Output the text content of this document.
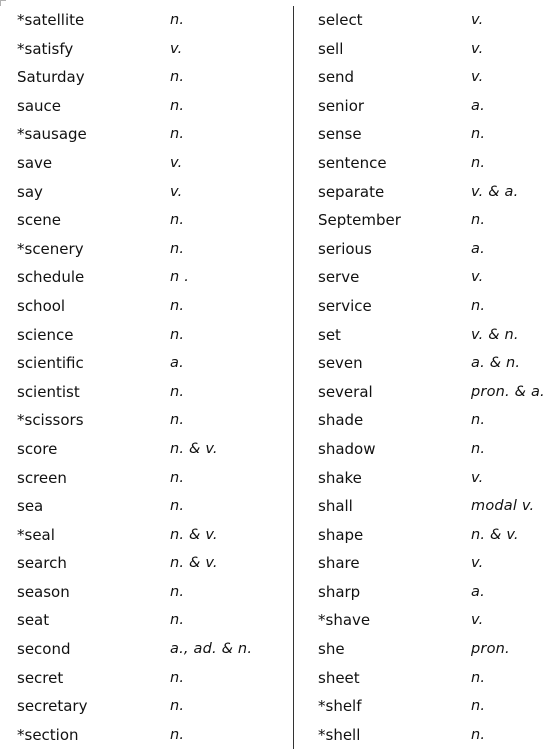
*satellite	n.
*satisfy	v.
Saturday	n.
sauce	n.
*sausage	n.
save	v.
say	v.
scene	n.
*scenery	n.
schedule	n .
school	n.
science	n.
scientific	a.
scientist	n.
*scissors	n.
score	n. & v.
screen	n.
sea	n.
*seal	n. & v.
search	n. & v.
season	n.
seat	n.
second	a., ad. & n.
secret	n.
secretary	n.
*section	n.
select	v.
sell	v.
send	v.
senior	a.
sense	n.
sentence	n.
separate	v. & a.
September	n.
serious	a.
serve	v.
service	n.
set	v. & n.
seven	a. & n.
several	pron. & a.
shade	n.
shadow	n.
shake	v.
shall	modal v.
shape	n. & v.
share	v.
sharp	a.
*shave	v.
she	pron.
sheet	n.
*shelf	n.
*shell	n.
